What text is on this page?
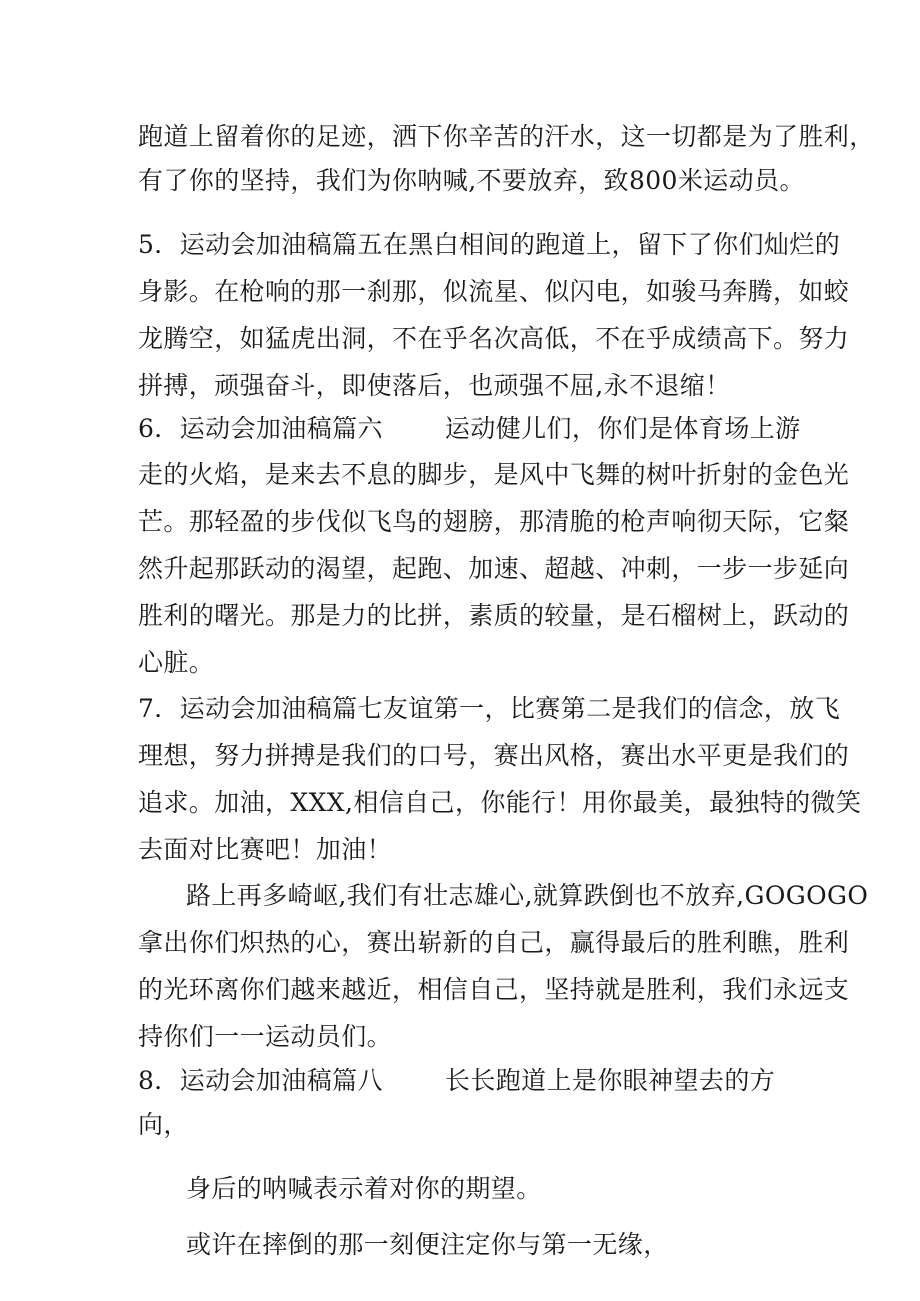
跑道上留着你的足迹，洒下你辛苦的汗水，这一切都是为了胜利，
有了你的坚持，我们为你呐喊,不要放弃，致800米运动员。
5．运动会加油稿篇五在黑白相间的跑道上，留下了你们灿烂的
身影。在枪响的那一刹那，似流星、似闪电，如骏马奔腾，如蛟
龙腾空，如猛虎出洞，不在乎名次高低，不在乎成绩高下。努力
拼搏，顽强奋斗，即使落后，也顽强不屈,永不退缩！
6．运动会加油稿篇六 运动健儿们，你们是体育场上游
走的火焰，是来去不息的脚步，是风中飞舞的树叶折射的金色光
芒。那轻盈的步伐似飞鸟的翅膀，那清脆的枪声响彻天际，它粲
然升起那跃动的渴望，起跑、加速、超越、冲刺，一步一步延向
胜利的曙光。那是力的比拼，素质的较量，是石榴树上，跃动的
心脏。
7．运动会加油稿篇七友谊第一，比赛第二是我们的信念，放飞
理想，努力拼搏是我们的口号，赛出风格，赛出水平更是我们的
追求。加油，XXX,相信自己，你能行！用你最美，最独特的微笑
去面对比赛吧！加油！
路上再多崎岖,我们有壮志雄心,就算跌倒也不放弃,GOGOGO
拿出你们炽热的心，赛出崭新的自己，赢得最后的胜利瞧，胜利
的光环离你们越来越近，相信自己，坚持就是胜利，我们永远支
持你们一一运动员们。
8．运动会加油稿篇八 长长跑道上是你眼神望去的方
向，
身后的呐喊表示着对你的期望。
或许在摔倒的那一刻便注定你与第一无缘，
